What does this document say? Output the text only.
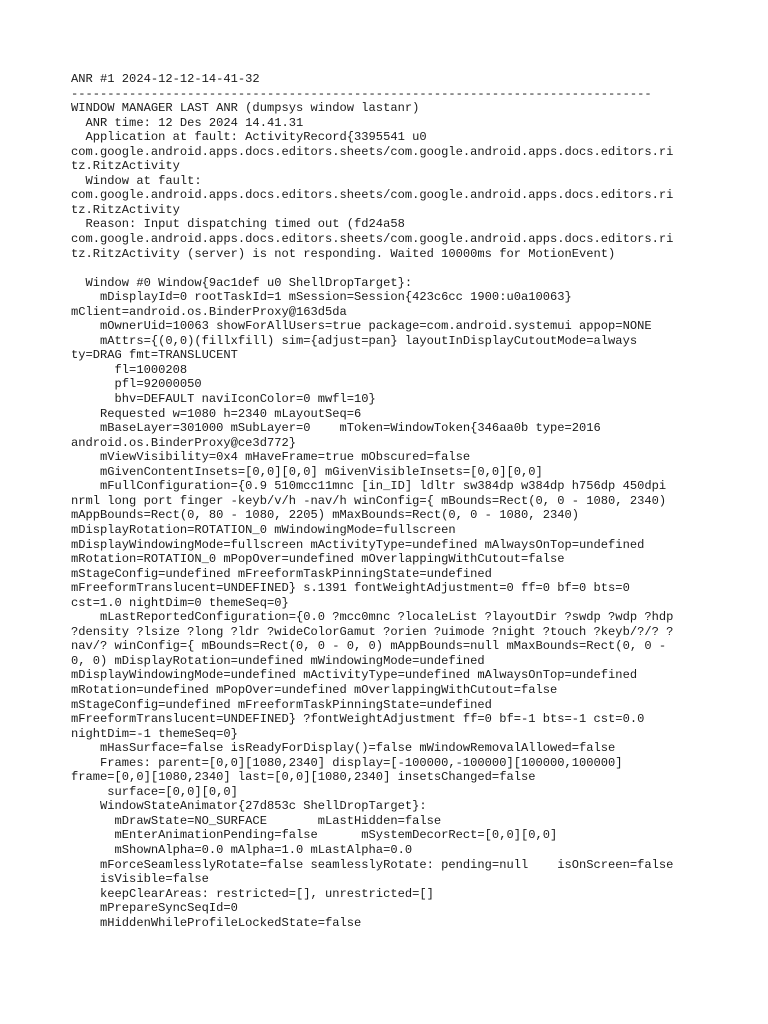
ANR #1 2024-12-12-14-41-32
--------------------------------------------------------------------------------
WINDOW MANAGER LAST ANR (dumpsys window lastanr)
ANR time: 12 Des 2024 14.41.31
Application at fault: ActivityRecord{3395541 u0
com.google.android.apps.docs.editors.sheets/com.google.android.apps.docs.editors.ri
tz.RitzActivity
Window at fault:
com.google.android.apps.docs.editors.sheets/com.google.android.apps.docs.editors.ri
tz.RitzActivity
Reason: Input dispatching timed out (fd24a58
com.google.android.apps.docs.editors.sheets/com.google.android.apps.docs.editors.ri
tz.RitzActivity (server) is not responding. Waited 10000ms for MotionEvent)
Window #0 Window{9ac1def u0 ShellDropTarget}:
mDisplayId=0 rootTaskId=1 mSession=Session{423c6cc 1900:u0a10063}
mClient=android.os.BinderProxy@163d5da
mOwnerUid=10063 showForAllUsers=true package=com.android.systemui appop=NONE
mAttrs={(0,0)(fillxfill) sim={adjust=pan} layoutInDisplayCutoutMode=always
ty=DRAG fmt=TRANSLUCENT
fl=1000208
pfl=92000050
bhv=DEFAULT naviIconColor=0 mwfl=10}
Requested w=1080 h=2340 mLayoutSeq=6
mBaseLayer=301000 mSubLayer=0    mToken=WindowToken{346aa0b type=2016
android.os.BinderProxy@ce3d772}
mViewVisibility=0x4 mHaveFrame=true mObscured=false
mGivenContentInsets=[0,0][0,0] mGivenVisibleInsets=[0,0][0,0]
mFullConfiguration={0.9 510mcc11mnc [in_ID] ldltr sw384dp w384dp h756dp 450dpi
nrml long port finger -keyb/v/h -nav/h winConfig={ mBounds=Rect(0, 0 - 1080, 2340)
mAppBounds=Rect(0, 80 - 1080, 2205) mMaxBounds=Rect(0, 0 - 1080, 2340)
mDisplayRotation=ROTATION_0 mWindowingMode=fullscreen
mDisplayWindowingMode=fullscreen mActivityType=undefined mAlwaysOnTop=undefined
mRotation=ROTATION_0 mPopOver=undefined mOverlappingWithCutout=false
mStageConfig=undefined mFreeformTaskPinningState=undefined
mFreeformTranslucent=UNDEFINED} s.1391 fontWeightAdjustment=0 ff=0 bf=0 bts=0
cst=1.0 nightDim=0 themeSeq=0}
mLastReportedConfiguration={0.0 ?mcc0mnc ?localeList ?layoutDir ?swdp ?wdp ?hdp
?density ?lsize ?long ?ldr ?wideColorGamut ?orien ?uimode ?night ?touch ?keyb/?/? ?
nav/? winConfig={ mBounds=Rect(0, 0 - 0, 0) mAppBounds=null mMaxBounds=Rect(0, 0 -
0, 0) mDisplayRotation=undefined mWindowingMode=undefined
mDisplayWindowingMode=undefined mActivityType=undefined mAlwaysOnTop=undefined
mRotation=undefined mPopOver=undefined mOverlappingWithCutout=false
mStageConfig=undefined mFreeformTaskPinningState=undefined
mFreeformTranslucent=UNDEFINED} ?fontWeightAdjustment ff=0 bf=-1 bts=-1 cst=0.0
nightDim=-1 themeSeq=0}
mHasSurface=false isReadyForDisplay()=false mWindowRemovalAllowed=false
Frames: parent=[0,0][1080,2340] display=[-100000,-100000][100000,100000]
frame=[0,0][1080,2340] last=[0,0][1080,2340] insetsChanged=false
surface=[0,0][0,0]
WindowStateAnimator{27d853c ShellDropTarget}:
mDrawState=NO_SURFACE       mLastHidden=false
mEnterAnimationPending=false      mSystemDecorRect=[0,0][0,0]
mShownAlpha=0.0 mAlpha=1.0 mLastAlpha=0.0
mForceSeamlesslyRotate=false seamlesslyRotate: pending=null    isOnScreen=false
isVisible=false
keepClearAreas: restricted=[], unrestricted=[]
mPrepareSyncSeqId=0
mHiddenWhileProfileLockedState=false
